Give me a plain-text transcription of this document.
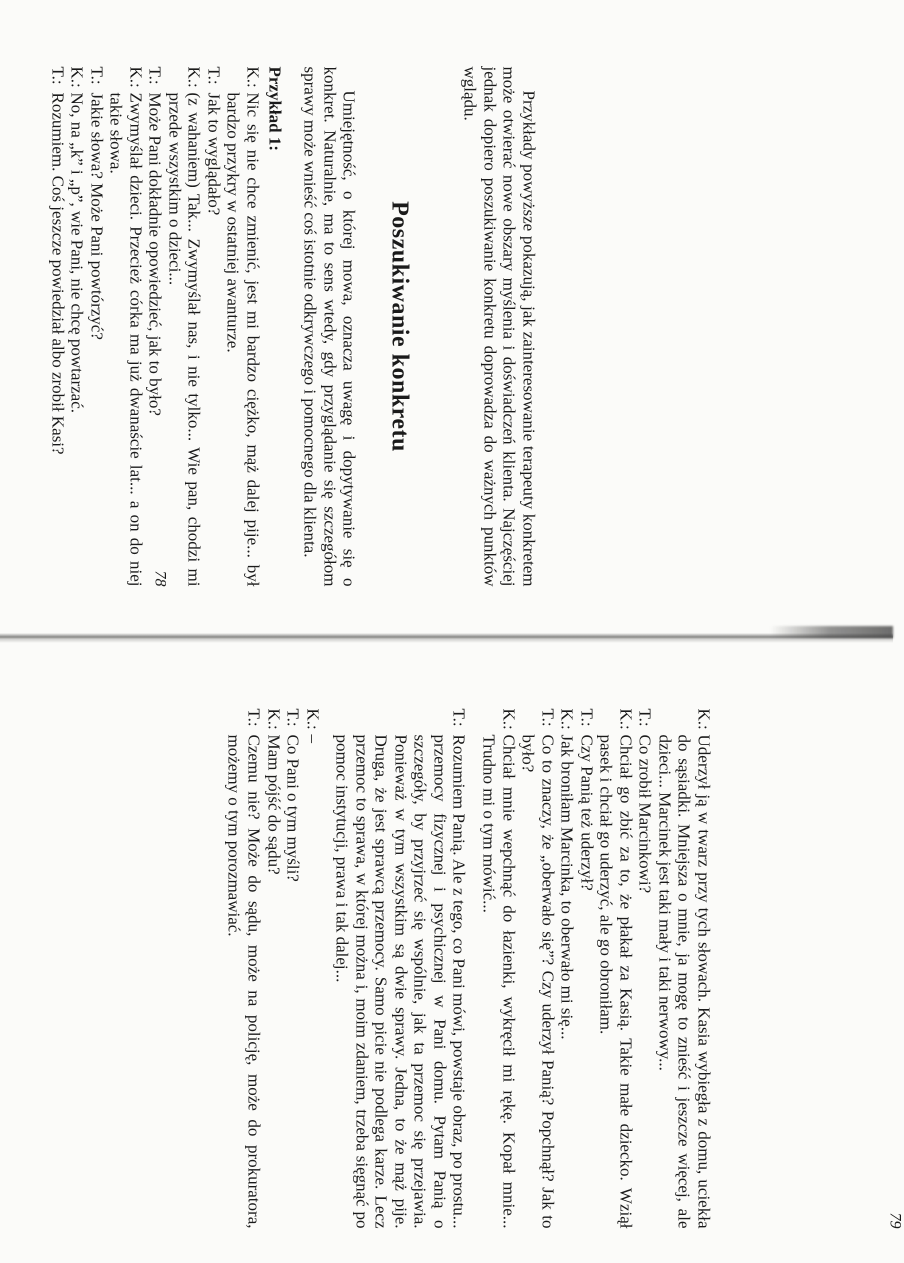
78	Przykłady powyższe pokazują, jak zainteresowanie terapeuty konkretem może otwierać nowe obszary myślenia i doświadczeń klienta. Najczęściej jednak dopiero poszukiwanie konkretu doprowadza do ważnych punktów wglądu.

Poszukiwanie konkretu

Umiejętność, o której mowa, oznacza uwagę i dopytywanie się o konkret. Naturalnie, ma to sens wtedy, gdy przyglądanie się szczegółom sprawy może wnieść coś istotnie odkrywczego i pomocnego dla klienta.

Przykład 1:
K.:
Nic się nie chce zmienić, jest mi bardzo ciężko, mąż dalej pije... był bardzo przykry w ostatniej awanturze.
T.:
Jak to wyglądało?
K.:
(z wahaniem) Tak... Zwymyślał nas, i nie tylko... Wie pan, chodzi mi przede wszystkim o dzieci...
T.:
Może Pani dokładnie opowiedzieć, jak to było?
K.:
Zwymyślał dzieci. Przecież córka ma już dwanaście lat... a on do niej takie słowa.
T.:
Jakie słowa? Może Pani powtórzyć?
K.:
No, na „k” i „p”, wie Pani, nie chcę powtarzać.
T.:
Rozumiem. Coś jeszcze powiedział albo zrobił Kasi?
79
K.:
Uderzył ją w twarz przy tych słowach. Kasia wybiegła z domu, uciekła do sąsiadki. Mniejsza o mnie, ja mogę to znieść i jeszcze więcej, ale dzieci... Marcinek jest taki mały i taki nerwowy...
T.:
Co zrobił Marcinkowi?
K.:
Chciał go zbić za to, że płakał za Kasią. Takie małe dziecko. Wziął pasek i chciał go uderzyć, ale go obroniłam.
T.:
Czy Panią też uderzył?
K.:
Jak broniłam Marcinka, to oberwało mi się...
T.:
Co to znaczy, że „oberwało się”? Czy uderzył Panią? Popchnął? Jak to było?
K.:
Chciał mnie wepchnąć do łazienki, wykręcił mi rękę. Kopał mnie... Trudno mi o tym mówić...
T.:
Rozumiem Panią. Ale z tego, co Pani mówi, powstaje obraz, po prostu... przemocy fizycznej i psychicznej w Pani domu. Pytam Panią o szczegóły, by przyjrzeć się wspólnie, jak ta przemoc się przejawia. Ponieważ w tym wszystkim są dwie sprawy. Jedna, to że mąż pije. Druga, że jest sprawcą przemocy. Samo picie nie podlega karze. Lecz przemoc to sprawa, w której można i, moim zdaniem, trzeba sięgnąć po pomoc instytucji, prawa i tak dalej...
K.:
–
T.:
Co Pani o tym myśli?
K.:
Mam pójść do sądu?
T.:
Czemu nie? Może do sądu, może na policję, może do prokuratora, możemy o tym porozmawiać.
